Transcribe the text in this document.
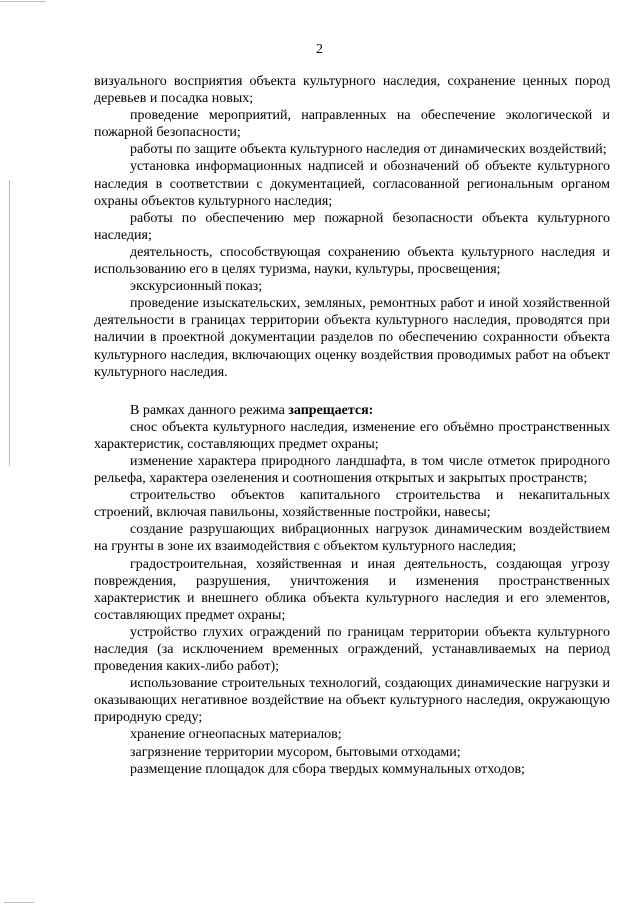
2

визуального восприятия объекта культурного наследия, сохранение ценных пород деревьев и посадка новых;

проведение мероприятий, направленных на обеспечение экологической и пожарной безопасности;

работы по защите объекта культурного наследия от динамических воздействий;

установка информационных надписей и обозначений об объекте культурного наследия в соответствии с документацией, согласованной региональным органом охраны объектов культурного наследия;

работы по обеспечению мер пожарной безопасности объекта культурного наследия;

деятельность, способствующая сохранению объекта культурного наследия и использованию его в целях туризма, науки, культуры, просвещения;

экскурсионный показ;

проведение изыскательских, земляных, ремонтных работ и иной хозяйственной деятельности в границах территории объекта культурного наследия, проводятся при наличии в проектной документации разделов по обеспечению сохранности объекта культурного наследия, включающих оценку воздействия проводимых работ на объект культурного наследия.

В рамках данного режима запрещается:

снос объекта культурного наследия, изменение его объёмно пространственных характеристик, составляющих предмет охраны;

изменение характера природного ландшафта, в том числе отметок природного рельефа, характера озеленения и соотношения открытых и закрытых пространств;

строительство объектов капитального строительства и некапитальных строений, включая павильоны, хозяйственные постройки, навесы;

создание разрушающих вибрационных нагрузок динамическим воздействием на грунты в зоне их взаимодействия с объектом культурного наследия;

градостроительная, хозяйственная и иная деятельность, создающая угрозу повреждения, разрушения, уничтожения и изменения пространственных характеристик и внешнего облика объекта культурного наследия и его элементов, составляющих предмет охраны;

устройство глухих ограждений по границам территории объекта культурного наследия (за исключением временных ограждений, устанавливаемых на период проведения каких-либо работ);

использование строительных технологий, создающих динамические нагрузки и оказывающих негативное воздействие на объект культурного наследия, окружающую природную среду;

хранение огнеопасных материалов;

загрязнение территории мусором, бытовыми отходами;

размещение площадок для сбора твердых коммунальных отходов;
